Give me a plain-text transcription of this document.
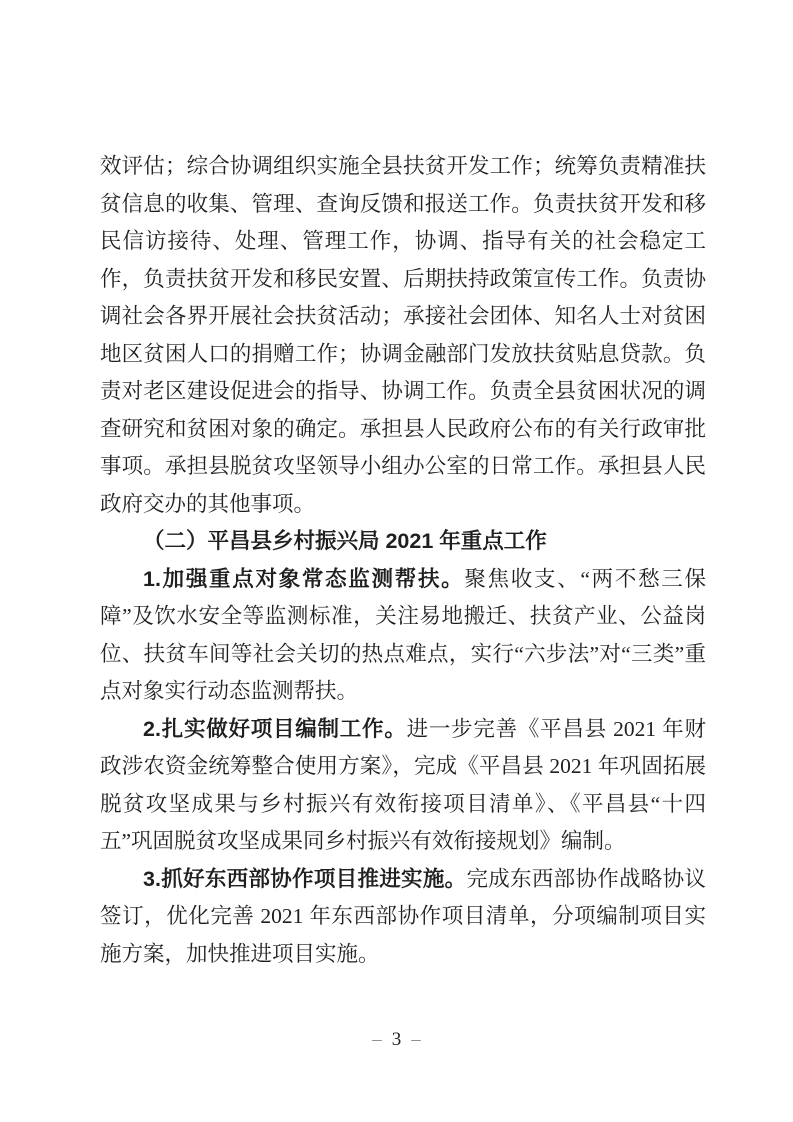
效评估；综合协调组织实施全县扶贫开发工作；统筹负责精准扶贫信息的收集、管理、查询反馈和报送工作。负责扶贫开发和移民信访接待、处理、管理工作，协调、指导有关的社会稳定工作，负责扶贫开发和移民安置、后期扶持政策宣传工作。负责协调社会各界开展社会扶贫活动；承接社会团体、知名人士对贫困地区贫困人口的捐赠工作；协调金融部门发放扶贫贴息贷款。负责对老区建设促进会的指导、协调工作。负责全县贫困状况的调查研究和贫困对象的确定。承担县人民政府公布的有关行政审批事项。承担县脱贫攻坚领导小组办公室的日常工作。承担县人民政府交办的其他事项。

（二）平昌县乡村振兴局 2021 年重点工作

1.加强重点对象常态监测帮扶。聚焦收支、“两不愁三保障”及饮水安全等监测标准，关注易地搬迁、扶贫产业、公益岗位、扶贫车间等社会关切的热点难点，实行“六步法”对“三类”重点对象实行动态监测帮扶。

2.扎实做好项目编制工作。进一步完善《平昌县 2021 年财政涉农资金统筹整合使用方案》，完成《平昌县 2021 年巩固拓展脱贫攻坚成果与乡村振兴有效衔接项目清单》、《平昌县“十四五”巩固脱贫攻坚成果同乡村振兴有效衔接规划》编制。

3.抓好东西部协作项目推进实施。完成东西部协作战略协议签订，优化完善 2021 年东西部协作项目清单，分项编制项目实施方案，加快推进项目实施。

– 3 –
